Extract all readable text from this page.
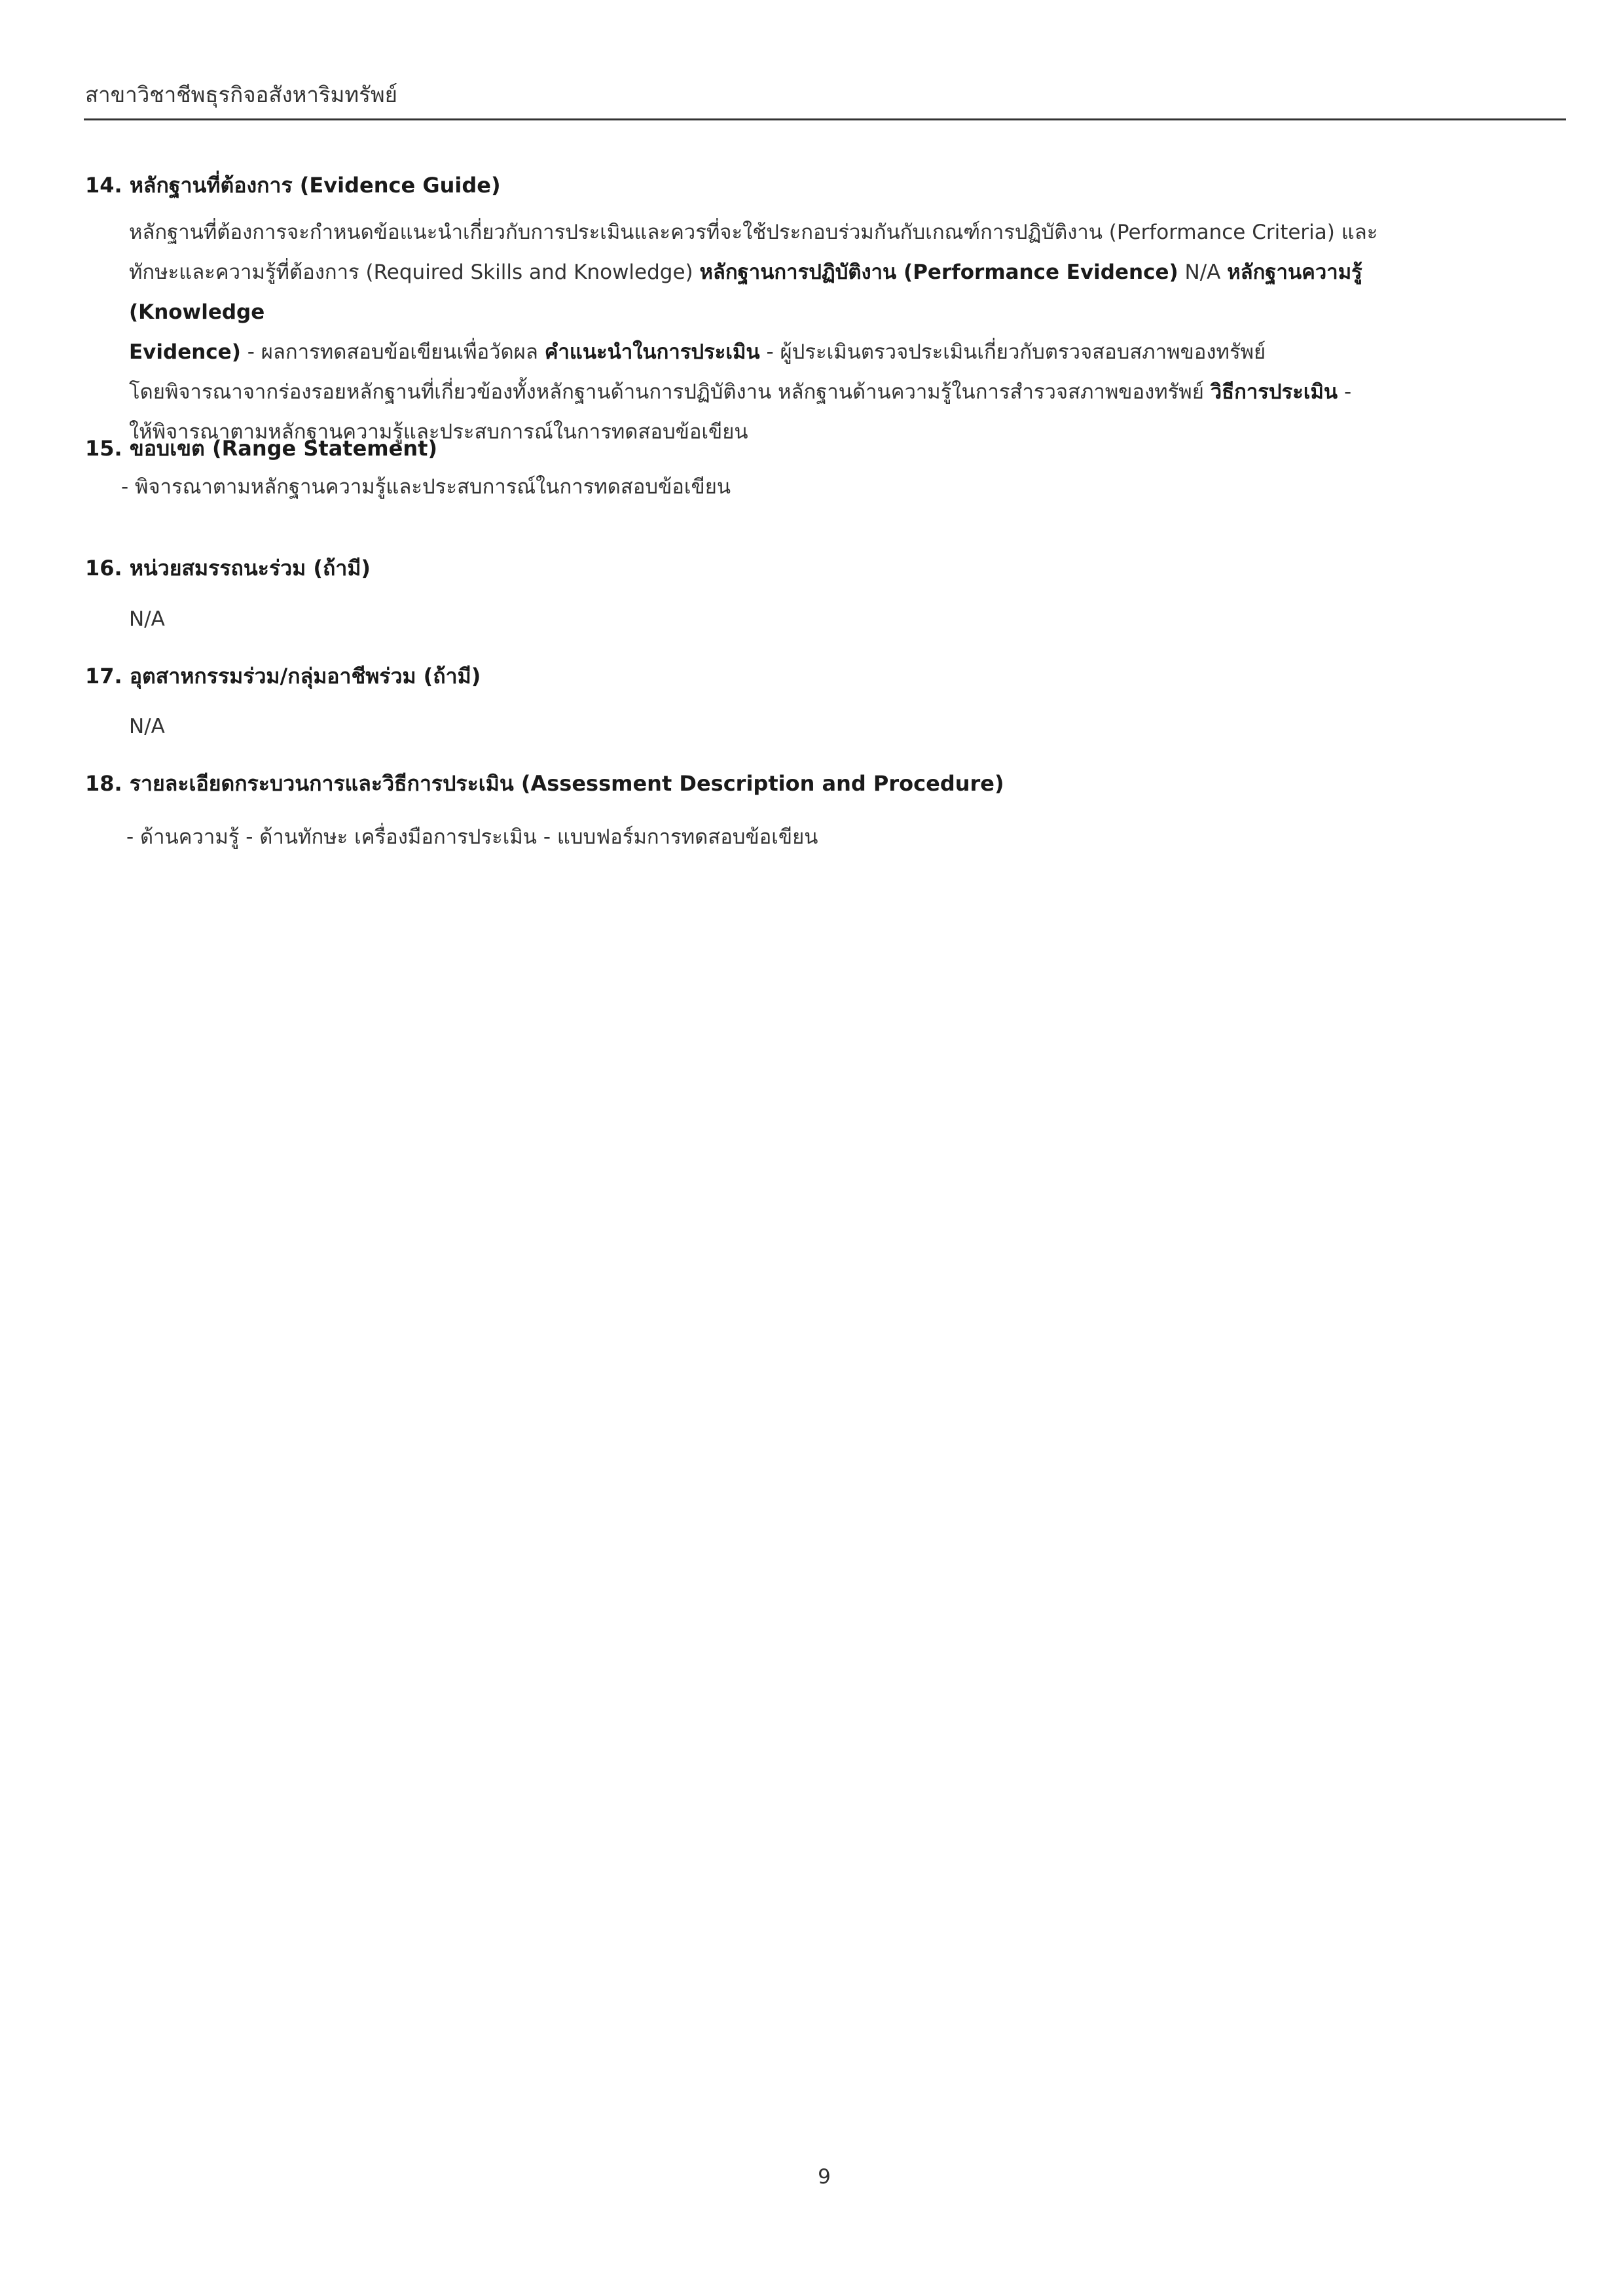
สาขาวิชาชีพธุรกิจอสังหาริมทรัพย์
14. หลักฐานที่ต้องการ (Evidence Guide)
หลักฐานที่ต้องการจะกำหนดข้อแนะนำเกี่ยวกับการประเมินและควรที่จะใช้ประกอบร่วมกันกับเกณฑ์การปฏิบัติงาน (Performance Criteria) และ
ทักษะและความรู้ที่ต้องการ (Required Skills and Knowledge) หลักฐานการปฏิบัติงาน (Performance Evidence) N/A หลักฐานความรู้ (Knowledge
Evidence) - ผลการทดสอบข้อเขียนเพื่อวัดผล คำแนะนำในการประเมิน - ผู้ประเมินตรวจประเมินเกี่ยวกับตรวจสอบสภาพของทรัพย์
โดยพิจารณาจากร่องรอยหลักฐานที่เกี่ยวข้องทั้งหลักฐานด้านการปฏิบัติงาน หลักฐานด้านความรู้ในการสำรวจสภาพของทรัพย์ วิธีการประเมิน -
ให้พิจารณาตามหลักฐานความรู้และประสบการณ์ในการทดสอบข้อเขียน
15. ขอบเขต (Range Statement)
- พิจารณาตามหลักฐานความรู้และประสบการณ์ในการทดสอบข้อเขียน
16. หน่วยสมรรถนะร่วม (ถ้ามี)
N/A
17. อุตสาหกรรมร่วม/กลุ่มอาชีพร่วม (ถ้ามี)
N/A
18. รายละเอียดกระบวนการและวิธีการประเมิน (Assessment Description and Procedure)
- ด้านความรู้ - ด้านทักษะ เครื่องมือการประเมิน - แบบฟอร์มการทดสอบข้อเขียน
9
